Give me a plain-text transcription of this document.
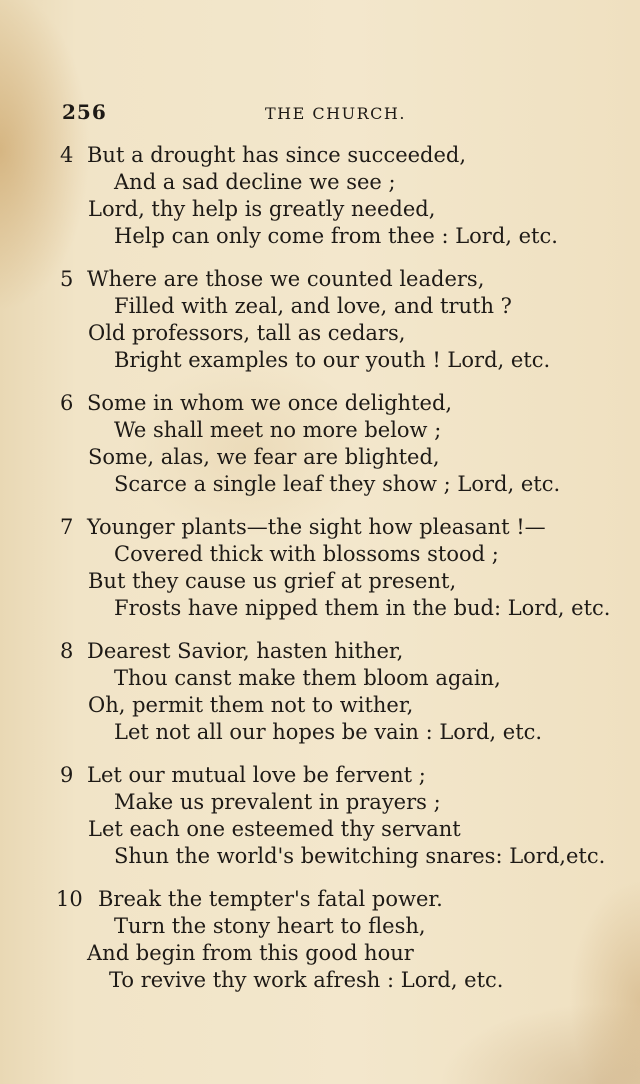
256	THE CHURCH.
4 But a drought has since succeeded,
And a sad decline we see ;
Lord, thy help is greatly needed,
Help can only come from thee : Lord, etc.
5 Where are those we counted leaders,
Filled with zeal, and love, and truth ?
Old professors, tall as cedars,
Bright examples to our youth ! Lord, etc.
6 Some in whom we once delighted,
We shall meet no more below ;
Some, alas, we fear are blighted,
Scarce a single leaf they show ; Lord, etc.
7 Younger plants—the sight how pleasant !—
Covered thick with blossoms stood ;
But they cause us grief at present,
Frosts have nipped them in the bud: Lord, etc.
8 Dearest Savior, hasten hither,
Thou canst make them bloom again,
Oh, permit them not to wither,
Let not all our hopes be vain : Lord, etc.
9 Let our mutual love be fervent ;
Make us prevalent in prayers ;
Let each one esteemed thy servant
Shun the world's bewitching snares: Lord,etc.
10 Break the tempter's fatal power.
Turn the stony heart to flesh,
And begin from this good hour
To revive thy work afresh : Lord, etc.
